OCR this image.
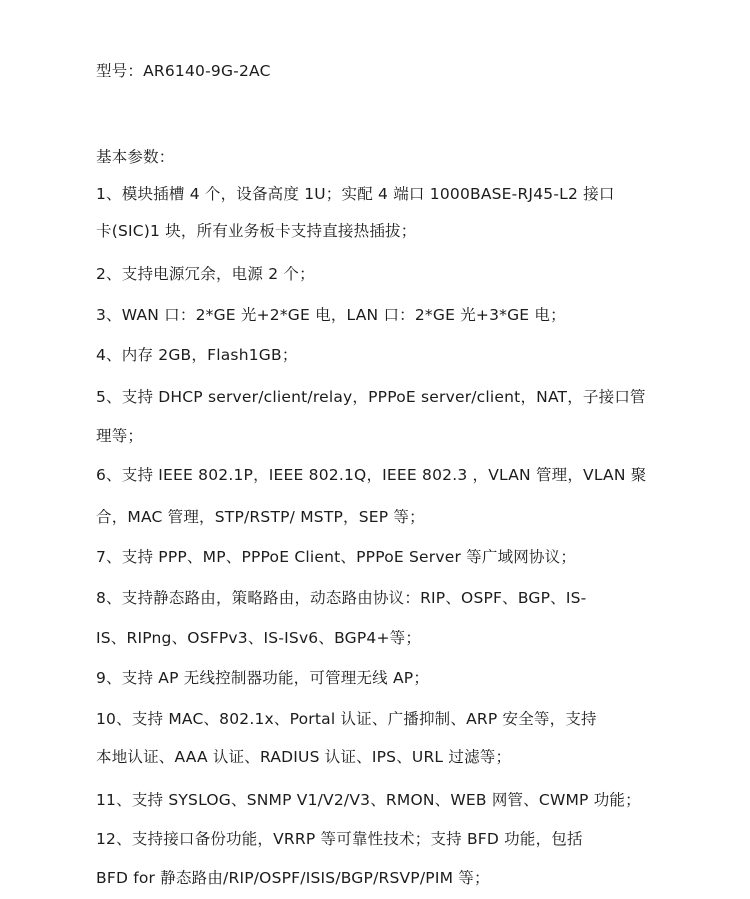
型号：AR6140-9G-2AC
基本参数：
1、模块插槽 4 个，设备高度 1U；实配 4 端口 1000BASE-RJ45-L2 接口
卡(SIC)1 块，所有业务板卡支持直接热插拔；
2、支持电源冗余，电源 2 个；
3、WAN 口：2*GE 光+2*GE 电，LAN 口：2*GE 光+3*GE 电；
4、内存 2GB，Flash1GB；
5、支持 DHCP server/client/relay，PPPoE server/client，NAT，子接口管
理等；
6、支持 IEEE 802.1P，IEEE 802.1Q，IEEE 802.3 ，VLAN 管理，VLAN 聚
合，MAC 管理，STP/RSTP/ MSTP，SEP 等；
7、支持 PPP、MP、PPPoE Client、PPPoE Server 等广域网协议；
8、支持静态路由，策略路由，动态路由协议：RIP、OSPF、BGP、IS-
IS、RIPng、OSFPv3、IS-ISv6、BGP4+等；
9、支持 AP 无线控制器功能，可管理无线 AP；
10、支持 MAC、802.1x、Portal 认证、广播抑制、ARP 安全等，支持
本地认证、AAA 认证、RADIUS 认证、IPS、URL 过滤等；
11、支持 SYSLOG、SNMP V1/V2/V3、RMON、WEB 网管、CWMP 功能；
12、支持接口备份功能，VRRP 等可靠性技术；支持 BFD 功能，包括
BFD for 静态路由/RIP/OSPF/ISIS/BGP/RSVP/PIM 等；
